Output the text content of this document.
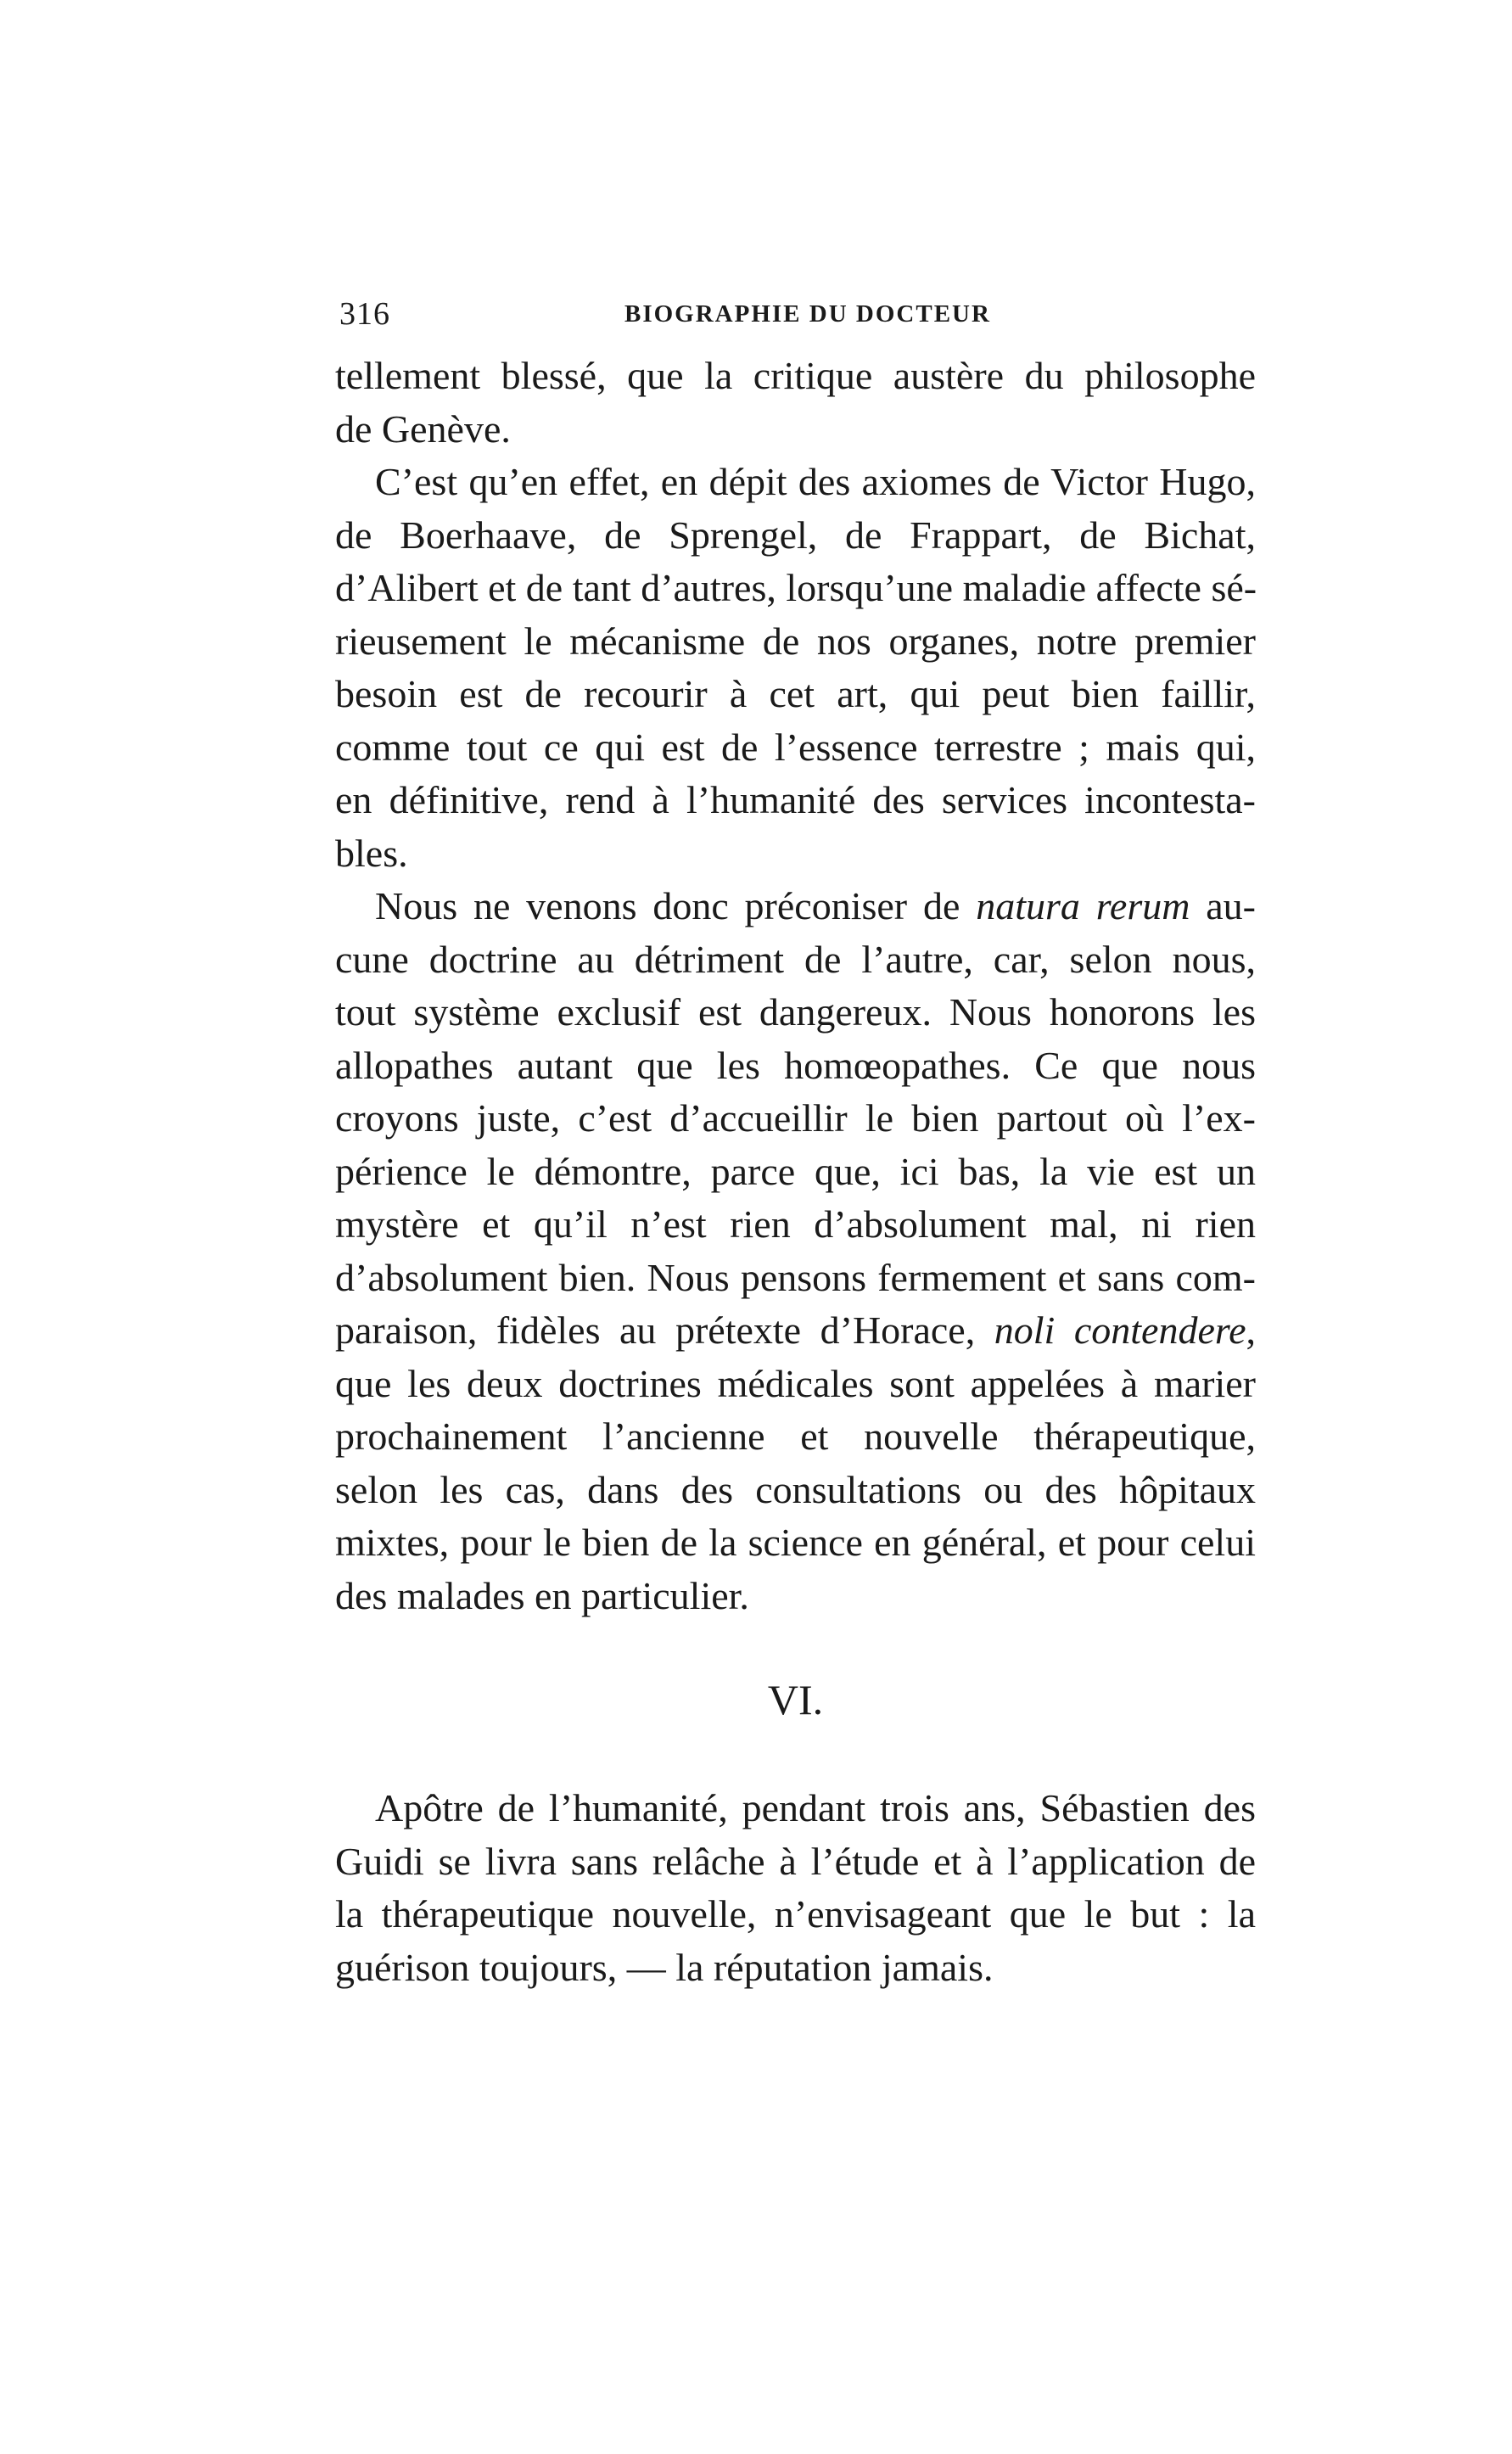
316	BIOGRAPHIE DU DOCTEUR
tellement blessé, que la critique austère du philosophe
de Genève.
C’est qu’en effet, en dépit des axiomes de Victor Hugo,
de Boerhaave, de Sprengel, de Frappart, de Bichat,
d’Alibert et de tant d’autres, lorsqu’une maladie affecte sé-
rieusement le mécanisme de nos organes, notre premier
besoin est de recourir à cet art, qui peut bien faillir,
comme tout ce qui est de l’essence terrestre ; mais qui,
en définitive, rend à l’humanité des services incontesta-
bles.
Nous ne venons donc préconiser de natura rerum au-
cune doctrine au détriment de l’autre, car, selon nous,
tout système exclusif est dangereux. Nous honorons les
allopathes autant que les homœopathes. Ce que nous
croyons juste, c’est d’accueillir le bien partout où l’ex-
périence le démontre, parce que, ici bas, la vie est un
mystère et qu’il n’est rien d’absolument mal, ni rien
d’absolument bien. Nous pensons fermement et sans com-
paraison, fidèles au prétexte d’Horace, noli contendere,
que les deux doctrines médicales sont appelées à marier
prochainement l’ancienne et nouvelle thérapeutique,
selon les cas, dans des consultations ou des hôpitaux
mixtes, pour le bien de la science en général, et pour celui
des malades en particulier.
VI.
Apôtre de l’humanité, pendant trois ans, Sébastien des
Guidi se livra sans relâche à l’étude et à l’application de
la thérapeutique nouvelle, n’envisageant que le but : la
guérison toujours, — la réputation jamais.
